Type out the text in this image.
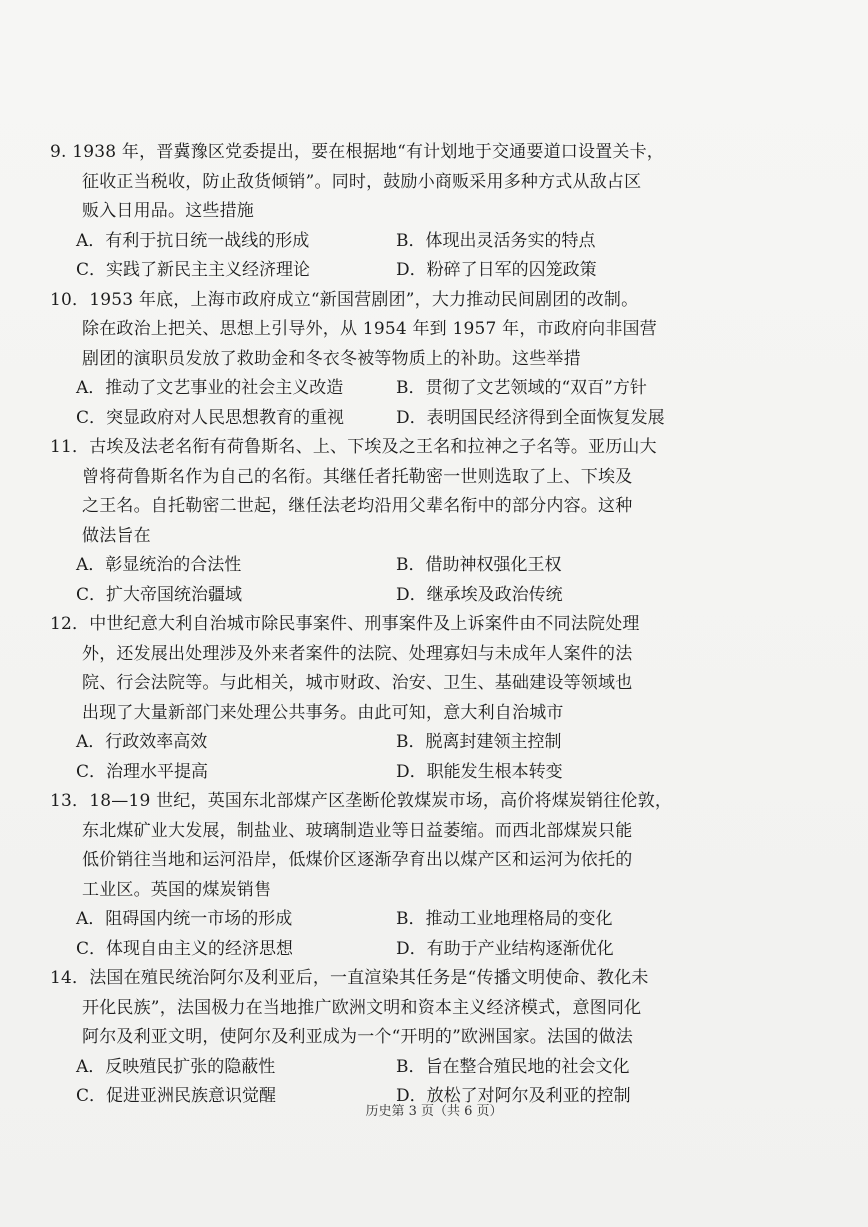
9. 1938 年，晋冀豫区党委提出，要在根据地“有计划地于交通要道口设置关卡，
征收正当税收，防止敌货倾销”。同时，鼓励小商贩采用多种方式从敌占区
贩入日用品。这些措施
A．有利于抗日统一战线的形成	B．体现出灵活务实的特点
C．实践了新民主主义经济理论	D．粉碎了日军的囚笼政策
10．1953 年底，上海市政府成立“新国营剧团”，大力推动民间剧团的改制。
除在政治上把关、思想上引导外，从 1954 年到 1957 年，市政府向非国营
剧团的演职员发放了救助金和冬衣冬被等物质上的补助。这些举措
A．推动了文艺事业的社会主义改造	B．贯彻了文艺领域的“双百”方针
C．突显政府对人民思想教育的重视	D．表明国民经济得到全面恢复发展
11．古埃及法老名衔有荷鲁斯名、上、下埃及之王名和拉神之子名等。亚历山大
曾将荷鲁斯名作为自己的名衔。其继任者托勒密一世则选取了上、下埃及
之王名。自托勒密二世起，继任法老均沿用父辈名衔中的部分内容。这种
做法旨在
A．彰显统治的合法性	B．借助神权强化王权
C．扩大帝国统治疆域	D．继承埃及政治传统
12．中世纪意大利自治城市除民事案件、刑事案件及上诉案件由不同法院处理
外，还发展出处理涉及外来者案件的法院、处理寡妇与未成年人案件的法
院、行会法院等。与此相关，城市财政、治安、卫生、基础建设等领域也
出现了大量新部门来处理公共事务。由此可知，意大利自治城市
A．行政效率高效	B．脱离封建领主控制
C．治理水平提高	D．职能发生根本转变
13．18—19 世纪，英国东北部煤产区垄断伦敦煤炭市场，高价将煤炭销往伦敦，
东北煤矿业大发展，制盐业、玻璃制造业等日益萎缩。而西北部煤炭只能
低价销往当地和运河沿岸，低煤价区逐渐孕育出以煤产区和运河为依托的
工业区。英国的煤炭销售
A．阻碍国内统一市场的形成	B．推动工业地理格局的变化
C．体现自由主义的经济思想	D．有助于产业结构逐渐优化
14．法国在殖民统治阿尔及利亚后，一直渲染其任务是“传播文明使命、教化未
开化民族”，法国极力在当地推广欧洲文明和资本主义经济模式，意图同化
阿尔及利亚文明，使阿尔及利亚成为一个“开明的”欧洲国家。法国的做法
A．反映殖民扩张的隐蔽性	B．旨在整合殖民地的社会文化
C．促进亚洲民族意识觉醒	D．放松了对阿尔及利亚的控制
历史第 3 页（共 6 页）
